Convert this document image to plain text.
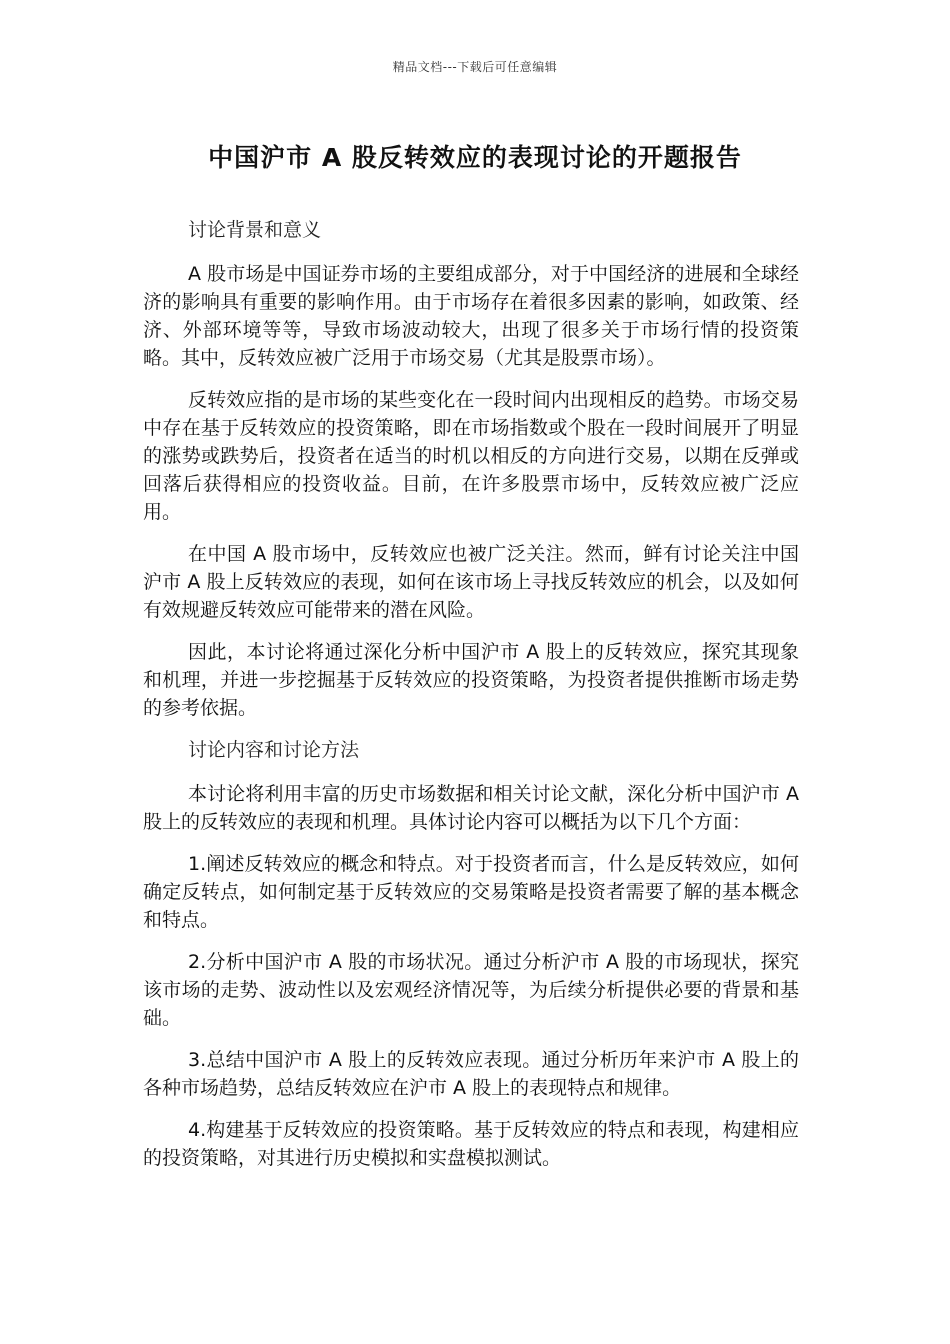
精品文档---下载后可任意编辑
中国沪市 A 股反转效应的表现讨论的开题报告

讨论背景和意义

A 股市场是中国证券市场的主要组成部分，对于中国经济的进展和全球经济的影响具有重要的影响作用。由于市场存在着很多因素的影响，如政策、经济、外部环境等等，导致市场波动较大，出现了很多关于市场行情的投资策略。其中，反转效应被广泛用于市场交易（尤其是股票市场）。

反转效应指的是市场的某些变化在一段时间内出现相反的趋势。市场交易中存在基于反转效应的投资策略，即在市场指数或个股在一段时间展开了明显的涨势或跌势后，投资者在适当的时机以相反的方向进行交易，以期在反弹或回落后获得相应的投资收益。目前，在许多股票市场中，反转效应被广泛应用。

在中国 A 股市场中，反转效应也被广泛关注。然而，鲜有讨论关注中国沪市 A 股上反转效应的表现，如何在该市场上寻找反转效应的机会，以及如何有效规避反转效应可能带来的潜在风险。

因此，本讨论将通过深化分析中国沪市 A 股上的反转效应，探究其现象和机理，并进一步挖掘基于反转效应的投资策略，为投资者提供推断市场走势的参考依据。

讨论内容和讨论方法

本讨论将利用丰富的历史市场数据和相关讨论文献，深化分析中国沪市 A 股上的反转效应的表现和机理。具体讨论内容可以概括为以下几个方面：

1.阐述反转效应的概念和特点。对于投资者而言，什么是反转效应，如何确定反转点，如何制定基于反转效应的交易策略是投资者需要了解的基本概念和特点。

2.分析中国沪市 A 股的市场状况。通过分析沪市 A 股的市场现状，探究该市场的走势、波动性以及宏观经济情况等，为后续分析提供必要的背景和基础。

3.总结中国沪市 A 股上的反转效应表现。通过分析历年来沪市 A 股上的各种市场趋势，总结反转效应在沪市 A 股上的表现特点和规律。

4.构建基于反转效应的投资策略。基于反转效应的特点和表现，构建相应的投资策略，对其进行历史模拟和实盘模拟测试。
